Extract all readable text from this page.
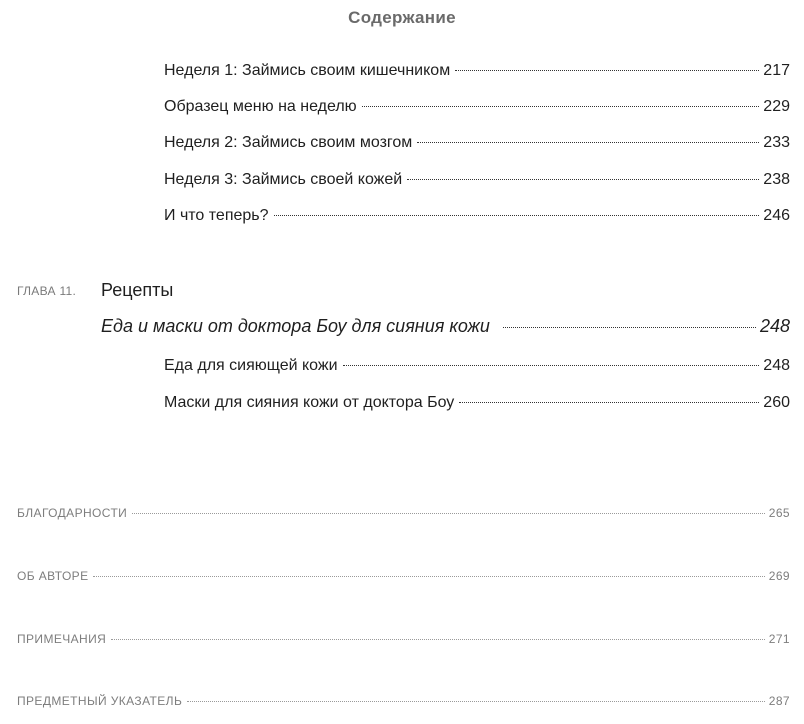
Содержание
Неделя 1: Займись своим кишечником	217
Образец меню на неделю	229
Неделя 2: Займись своим мозгом	233
Неделя 3: Займись своей кожей	238
И что теперь?	246
ГЛАВА 11. Рецепты
Еда и маски от доктора Боу для сияния кожи	248
Еда для сияющей кожи	248
Маски для сияния кожи от доктора Боу	260
БЛАГОДАРНОСТИ	265
ОБ АВТОРЕ	269
ПРИМЕЧАНИЯ	271
ПРЕДМЕТНЫЙ УКАЗАТЕЛЬ	287
